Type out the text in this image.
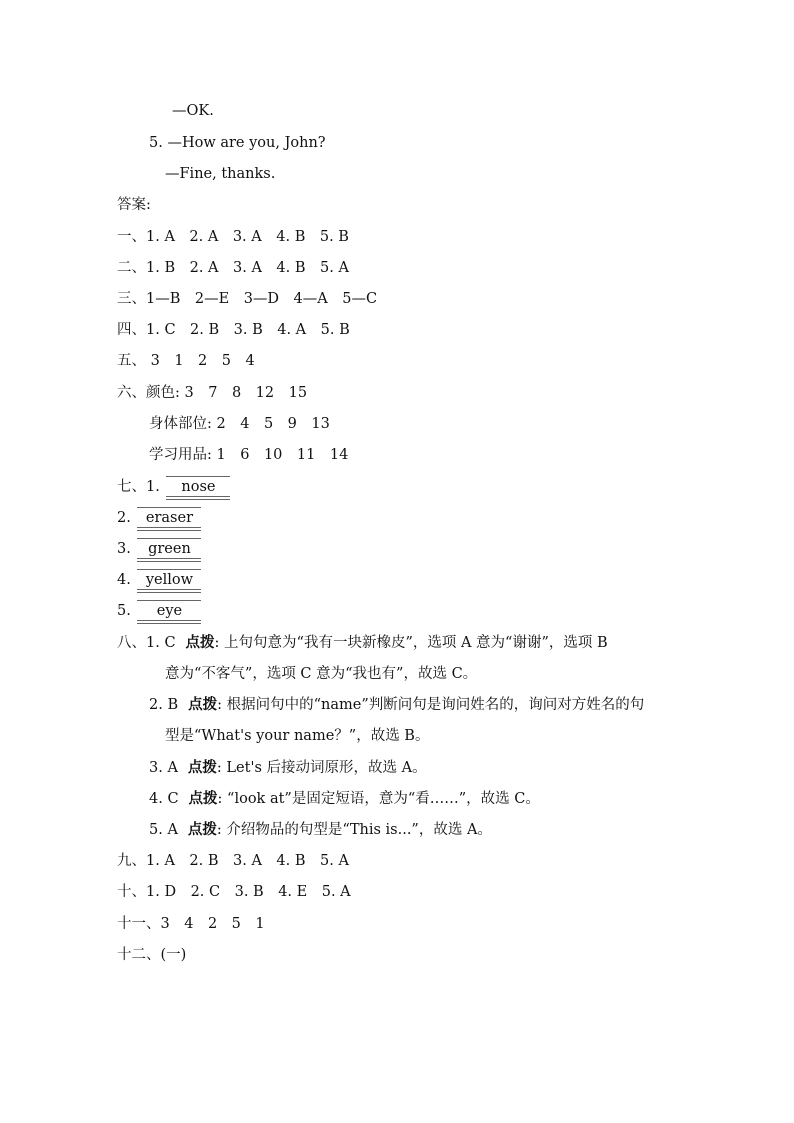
—OK.
5. —How are you, John?
—Fine, thanks.
答案:
一、1. A　2. A　3. A　4. B　5. B
二、1. B　2. A　3. A　4. B　5. A
三、1—B　2—E　3—D　4—A　5—C
四、1. C　2. B　3. B　4. A　5. B
五、 3　1　2　5　4
六、颜色: 3　7　8　12　15
身体部位: 2　4　5　9　13
学习用品: 1　6　10　11　14
七、1. nose
2. eraser
3. green
4. yellow
5. eye
八、1. C 点拨: 上句句意为“我有一块新橡皮”，选项 A 意为“谢谢”，选项 B
意为“不客气”，选项 C 意为“我也有”，故选 C。
2. B 点拨: 根据问句中的“name”判断问句是询问姓名的，询问对方姓名的句
型是“What's your name？”，故选 B。
3. A 点拨: Let's 后接动词原形，故选 A。
4. C 点拨: “look at”是固定短语，意为“看……”，故选 C。
5. A 点拨: 介绍物品的句型是“This is...”，故选 A。
九、1. A　2. B　3. A　4. B　5. A
十、1. D　2. C　3. B　4. E　5. A
十一、3　4　2　5　1
十二、(一)
